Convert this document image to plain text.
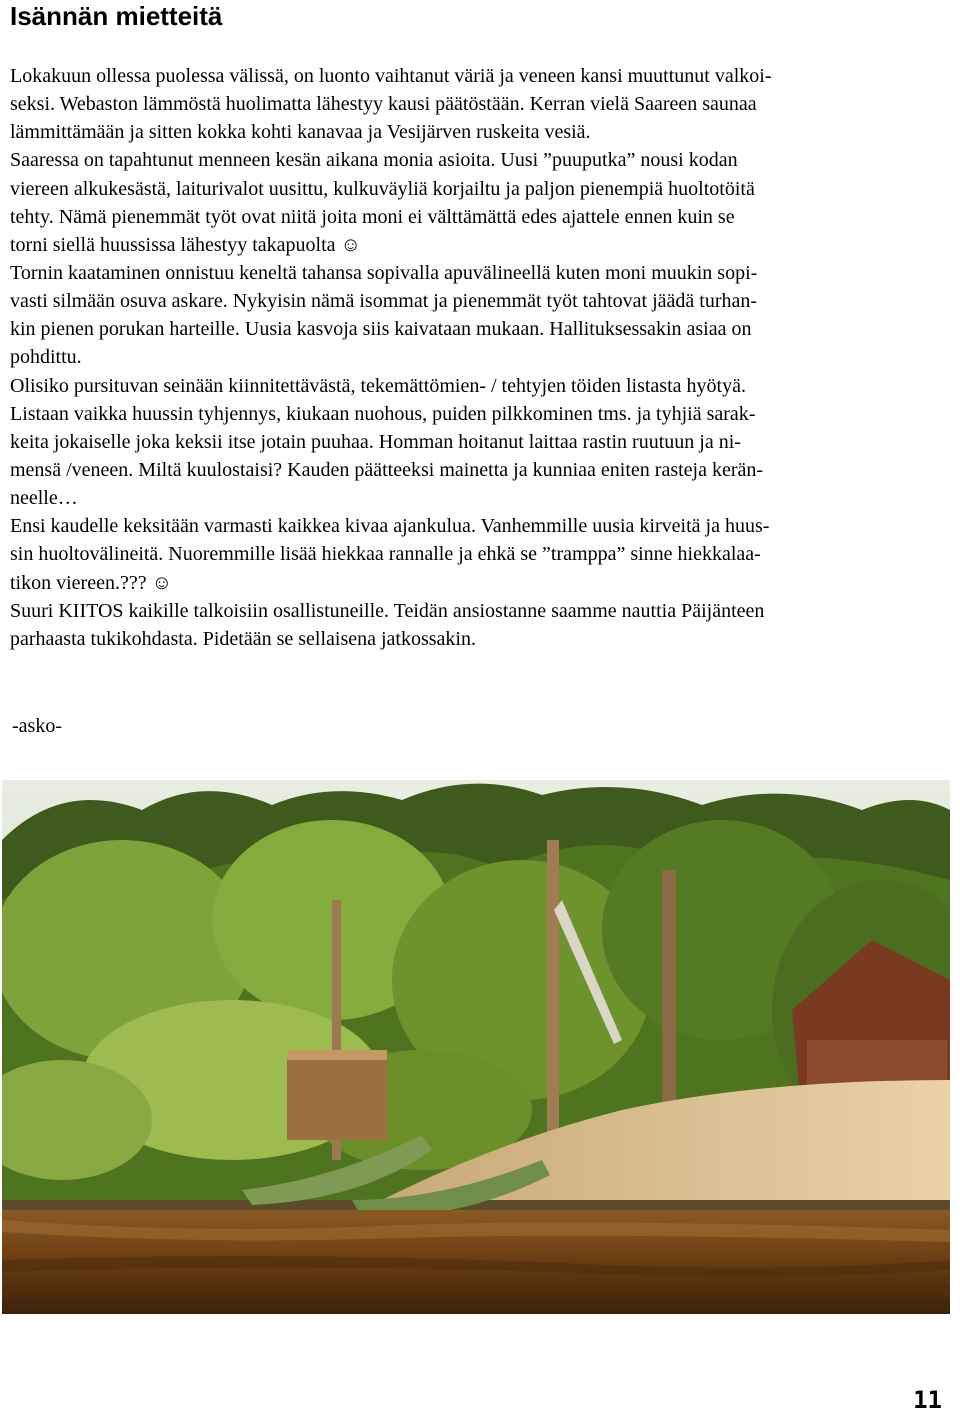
Isännän mietteitä
Lokakuun ollessa puolessa välissä, on luonto vaihtanut väriä ja veneen kansi muuttunut valkoi-
seksi. Webaston lämmöstä huolimatta lähestyy kausi päätöstään. Kerran vielä Saareen saunaa
lämmittämään ja sitten kokka kohti kanavaa ja Vesijärven ruskeita vesiä.
Saaressa on tapahtunut menneen kesän aikana monia asioita. Uusi ”puuputka” nousi kodan
viereen alkukesästä, laiturivalot uusittu, kulkuväyliä korjailtu ja paljon pienempiä huoltotöitä
tehty. Nämä pienemmät työt ovat niitä joita moni ei välttämättä edes ajattele ennen kuin se
torni siellä huussissa lähestyy takapuolta ☺
Tornin kaataminen onnistuu keneltä tahansa sopivalla apuvälineellä kuten moni muukin sopi-
vasti silmään osuva askare. Nykyisin nämä isommat ja pienemmät työt tahtovat jäädä turhan-
kin pienen porukan harteille. Uusia kasvoja siis kaivataan mukaan. Hallituksessakin asiaa on
pohdittu.
Olisiko pursituvan seinään kiinnitettävästä, tekemättömien- / tehtyjen töiden listasta hyötyä.
Listaan vaikka huussin tyhjennys, kiukaan nuohous, puiden pilkkominen tms. ja tyhjiä sarak-
keita jokaiselle joka keksii itse jotain puuhaa. Homman hoitanut laittaa rastin ruutuun ja ni-
mensä /veneen. Miltä kuulostaisi? Kauden päätteeksi mainetta ja kunniaa eniten rasteja kerän-
neelle…
Ensi kaudelle keksitään varmasti kaikkea kivaa ajankulua. Vanhemmille uusia kirveitä ja huus-
sin huoltovälineitä. Nuoremmille lisää hiekkaa rannalle ja ehkä se ”tramppa” sinne hiekkalaa-
tikon viereen.??? ☺
Suuri KIITOS kaikille talkoisiin osallistuneille. Teidän ansiostanne saamme nauttia Päijänteen
parhaasta tukikohdasta. Pidetään se sellaisena jatkossakin.
-asko-
11
